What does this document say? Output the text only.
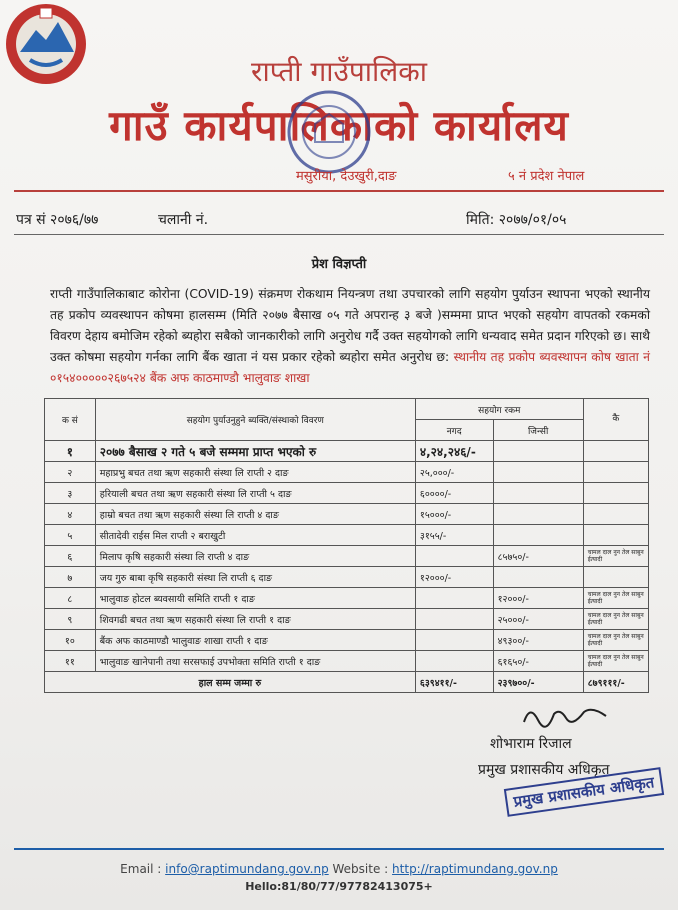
राप्ती गाउँपालिका
गाउँ कार्यपालिकाको कार्यालय
मसुरीया, देउखुरी,दाङ	५ नं प्रदेश नेपाल
पत्र सं २०७६/७७	चलानी नं.	मिति: २०७७/०१/०५
प्रेश विज्ञप्ती
राप्ती गाउँपालिकाबाट कोरोना (COVID-19) संक्रमण रोकथाम नियन्त्रण तथा उपचारको लागि सहयोग पुर्याउन स्थापना भएको स्थानीय तह प्रकोप व्यवस्थापन कोषमा हालसम्म (मिति २०७७ बैसाख ०५ गते अपरान्ह ३ बजे )सम्ममा प्राप्त भएको सहयोग वापतको रकमको विवरण देहाय बमोजिम रहेको ब्यहोरा सबैको जानकारीको लागि अनुरोध गर्दै उक्त सहयोगको लागि धन्यवाद समेत प्रदान गरिएको छ। साथै उक्त कोषमा सहयोग गर्नका लागि बैंक खाता नं यस प्रकार रहेको ब्यहोरा समेत अनुरोध छ: स्थानीय तह प्रकोप ब्यवस्थापन कोष खाता नं ०१५४०००००२६७५२४ बैंक अफ काठमाण्डौ भालुवाङ शाखा
क सं	सहयोग पुर्याउनुहुने ब्यक्ति/संस्थाको विवरण	सहयोग रकम		कै
		नगद	जिन्सी	
१	२०७७ बैसाख २ गते ५ बजे सम्ममा प्राप्त भएको रु	४,२४,२४६/-		
२	महाप्रभु बचत तथा ऋण सहकारी संस्था लि राप्ती २ दाङ	२५,०००/-		
३	हरियाली बचत तथा ऋण सहकारी संस्था लि राप्ती ५ दाङ	६००००/-		
४	हाम्रो बचत तथा ऋण सहकारी संस्था लि राप्ती ४ दाङ	१५०००/-		
५	सीतादेवी राईस मिल राप्ती २ बराखुटी	३१५५/-		
६	मिलाप कृषि सहकारी संस्था लि राप्ती ४ दाङ		८५७५०/-	चामल दाल नुन तेल साबुन ईत्यादी
७	जय गुरु बाबा कृषि सहकारी संस्था लि राप्ती ६ दाङ	१२०००/-		
८	भालुवाङ होटल ब्यवसायी समिति राप्ती १ दाङ		१२०००/-	चामल दाल नुन तेल साबुन ईत्यादी
९	शिवगढी बचत तथा ऋण सहकारी संस्था लि राप्ती १ दाङ		२५०००/-	चामल दाल नुन तेल साबुन ईत्यादी
१०	बैंक अफ काठमाण्डौ भालुवाङ शाखा राप्ती १ दाङ		४९३००/-	चामल दाल नुन तेल साबुन ईत्यादी
११	भालुवाङ खानेपानी तथा सरसफाई उपभोक्ता समिति राप्ती १ दाङ		६१६५०/-	चामल दाल नुन तेल साबुन ईत्यादी
हाल सम्म जम्मा रु		६३९४११/-	२३९७००/-	८७९१११/-
शोभाराम रिजाल
प्रमुख प्रशासकीय अधिकृत
प्रमुख प्रशासकीय अधिकृत
Email : info@raptimundang.gov.np Website : http://raptimundang.gov.np
Hello:81/80/77/97782413075+
